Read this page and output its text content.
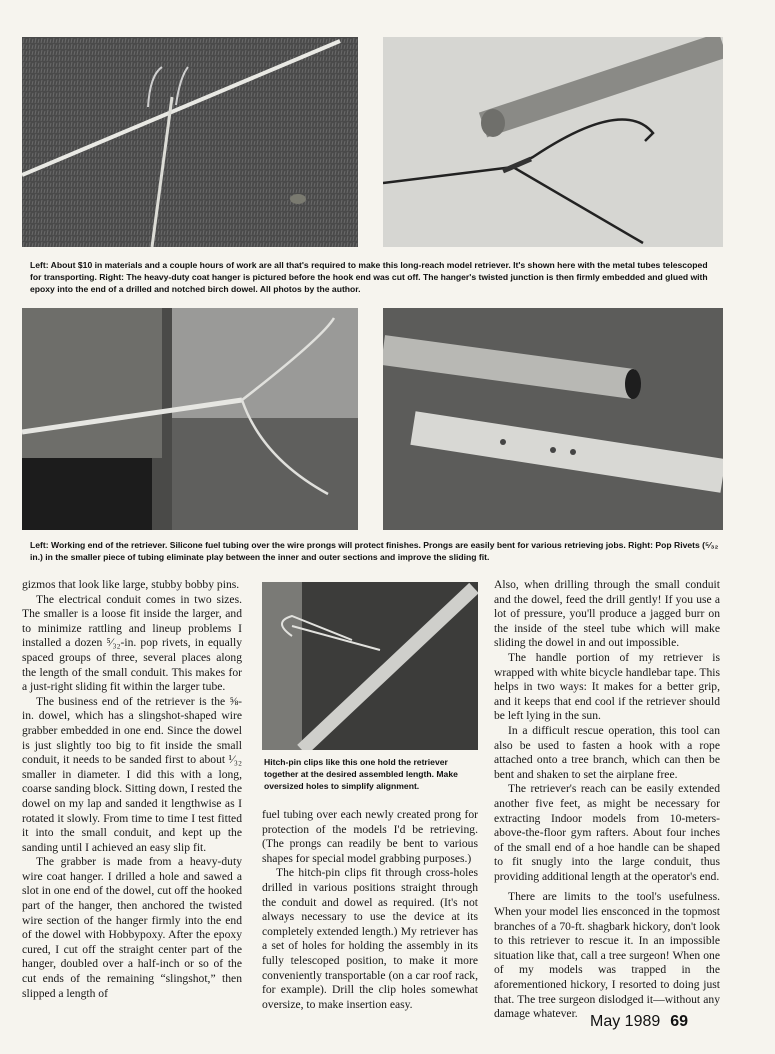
Left: About $10 in materials and a couple hours of work are all that's required to make this long-reach model retriever. It's shown here with the metal tubes telescoped for transporting. Right: The heavy-duty coat hanger is pictured before the hook end was cut off. The hanger's twisted junction is then firmly embedded and glued with epoxy into the end of a drilled and notched birch dowel. All photos by the author.

Left: Working end of the retriever. Silicone fuel tubing over the wire prongs will protect finishes. Prongs are easily bent for various retrieving jobs. Right: Pop Rivets (⁵⁄₃₂ in.) in the smaller piece of tubing eliminate play between the inner and outer sections and improve the sliding fit.

gizmos that look like large, stubby bobby pins.

The electrical conduit comes in two sizes. The smaller is a loose fit inside the larger, and to minimize rattling and lineup problems I installed a dozen ⁵⁄₃₂-in. pop rivets, in equally spaced groups of three, several places along the length of the small conduit. This makes for a just-right sliding fit within the larger tube.

The business end of the retriever is the ⅝-in. dowel, which has a slingshot-shaped wire grabber embedded in one end. Since the dowel is just slightly too big to fit inside the small conduit, it needs to be sanded first to about ¹⁄₃₂ smaller in diameter. I did this with a long, coarse sanding block. Sitting down, I rested the dowel on my lap and sanded it lengthwise as I rotated it slowly. From time to time I test fitted it into the small conduit, and kept up the sanding until I achieved an easy slip fit.

The grabber is made from a heavy-duty wire coat hanger. I drilled a hole and sawed a slot in one end of the dowel, cut off the hooked part of the hanger, then anchored the twisted wire section of the hanger firmly into the end of the dowel with Hobbypoxy. After the epoxy cured, I cut off the straight center part of the hanger, doubled over a half-inch or so of the cut ends of the remaining “slingshot,” then slipped a length of

Hitch-pin clips like this one hold the retriever together at the desired assembled length. Make oversized holes to simplify alignment.

fuel tubing over each newly created prong for protection of the models I'd be retrieving. (The prongs can readily be bent to various shapes for special model grabbing purposes.)

The hitch-pin clips fit through cross-holes drilled in various positions straight through the conduit and dowel as required. (It's not always necessary to use the device at its completely extended length.) My retriever has a set of holes for holding the assembly in its fully telescoped position, to make it more conveniently transportable (on a car roof rack, for example). Drill the clip holes somewhat oversize, to make insertion easy.

Also, when drilling through the small conduit and the dowel, feed the drill gently! If you use a lot of pressure, you'll produce a jagged burr on the inside of the steel tube which will make sliding the dowel in and out impossible.

The handle portion of my retriever is wrapped with white bicycle handlebar tape. This helps in two ways: It makes for a better grip, and it keeps that end cool if the retriever should be left lying in the sun.

In a difficult rescue operation, this tool can also be used to fasten a hook with a rope attached onto a tree branch, which can then be bent and shaken to set the airplane free.

The retriever's reach can be easily extended another five feet, as might be necessary for extracting Indoor models from 10-meters-above-the-floor gym rafters. About four inches of the small end of a hoe handle can be shaped to fit snugly into the large conduit, thus providing additional length at the operator's end.

There are limits to the tool's usefulness. When your model lies ensconced in the topmost branches of a 70-ft. shagbark hickory, don't look to this retriever to rescue it. In an impossible situation like that, call a tree surgeon! When one of my models was trapped in the aforementioned hickory, I resorted to doing just that. The tree surgeon dislodged it—without any damage whatever. May 1989 69
